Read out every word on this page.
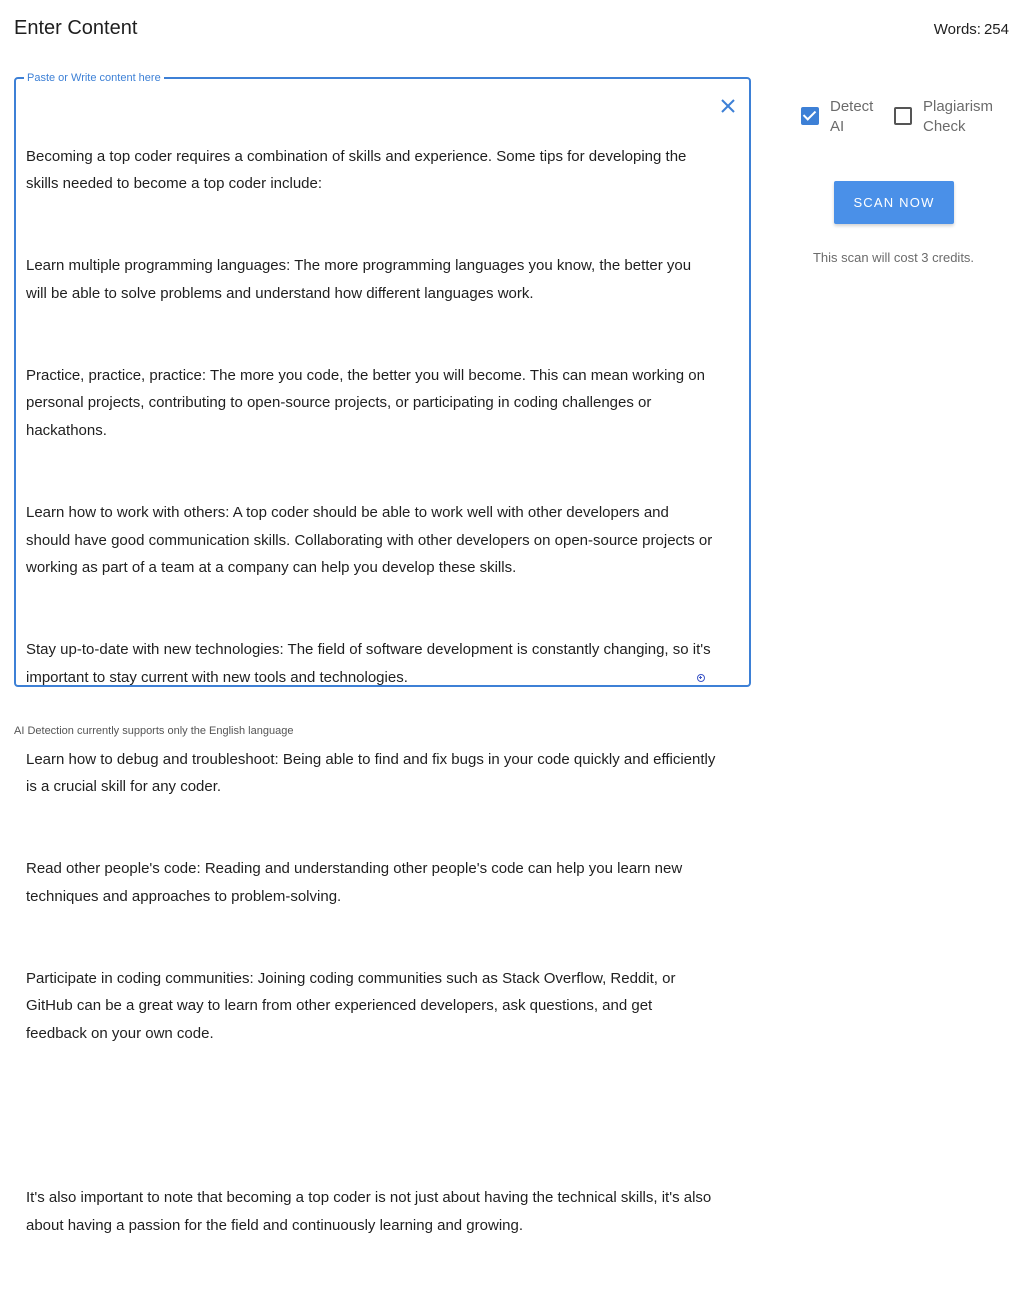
Enter Content	Words: 254
Paste or Write content here

Becoming a top coder requires a combination of skills and experience. Some tips for developing the skills needed to become a top coder include:

Learn multiple programming languages: The more programming languages you know, the better you will be able to solve problems and understand how different languages work.

Practice, practice, practice: The more you code, the better you will become. This can mean working on personal projects, contributing to open-source projects, or participating in coding challenges or hackathons.

Learn how to work with others: A top coder should be able to work well with other developers and should have good communication skills. Collaborating with other developers on open-source projects or working as part of a team at a company can help you develop these skills.

Stay up-to-date with new technologies: The field of software development is constantly changing, so it's important to stay current with new tools and technologies.

Learn how to debug and troubleshoot: Being able to find and fix bugs in your code quickly and efficiently is a crucial skill for any coder.

Read other people's code: Reading and understanding other people's code can help you learn new techniques and approaches to problem-solving.

Participate in coding communities: Joining coding communities such as Stack Overflow, Reddit, or GitHub can be a great way to learn from other experienced developers, ask questions, and get feedback on your own code.

It's also important to note that becoming a top coder is not just about having the technical skills, it's also about having a passion for the field and continuously learning and growing.

Detect AI
Plagiarism Check
SCAN NOW
This scan will cost 3 credits.
AI Detection currently supports only the English language
